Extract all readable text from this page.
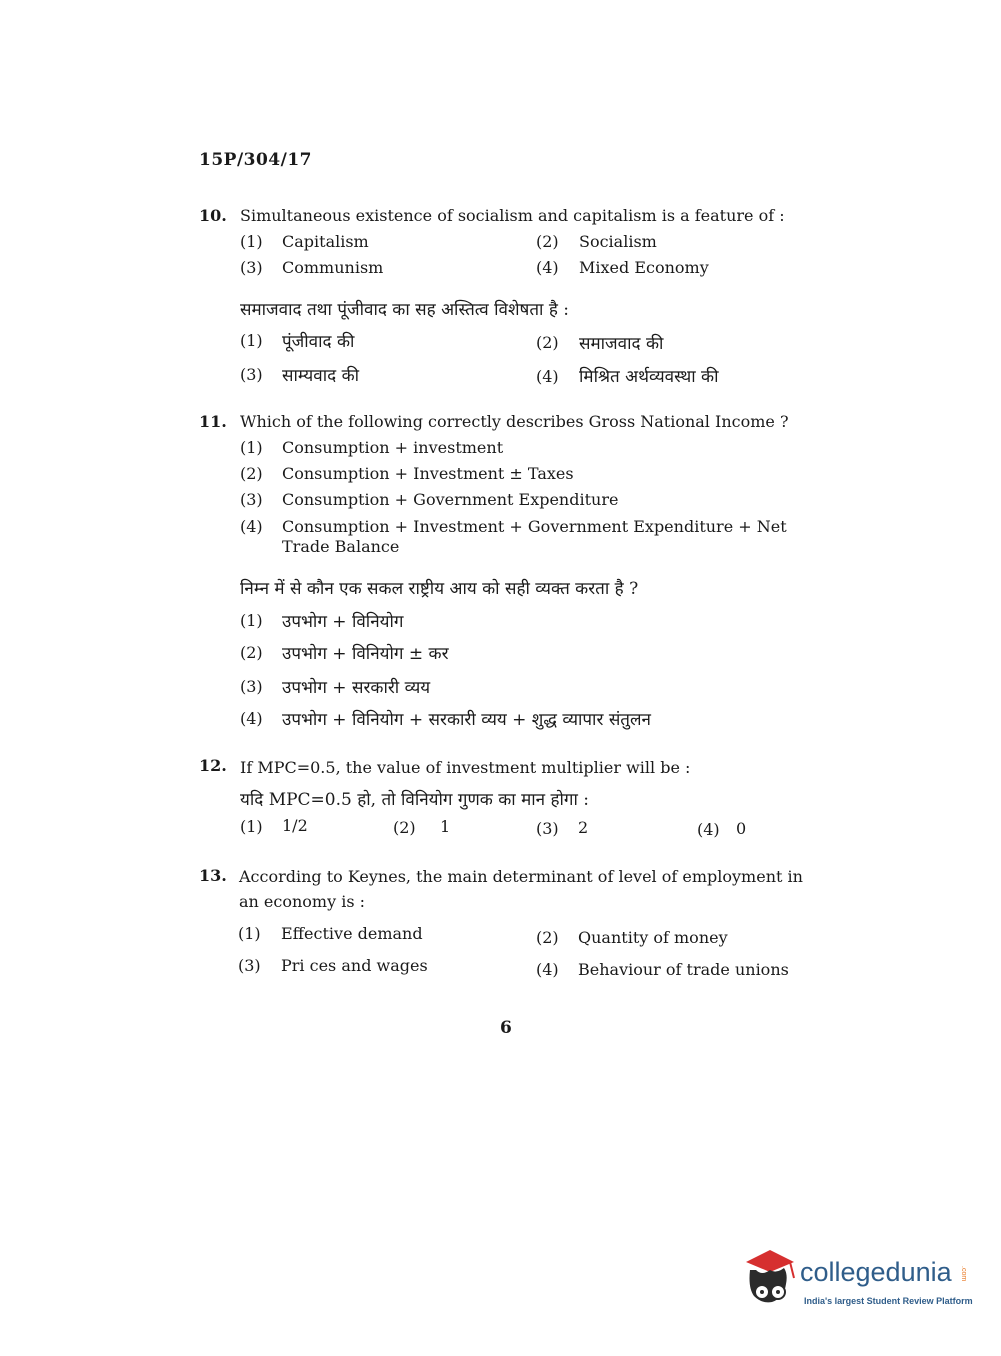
15P/304/17
10. Simultaneous existence of socialism and capitalism is a feature of :
(1) Capitalism	(2) Socialism
(3) Communism	(4) Mixed Economy
समाजवाद तथा पूंजीवाद का सह अस्तित्व विशेषता है :
(1) पूंजीवाद की	(2) समाजवाद की
(3) साम्यवाद की	(4) मिश्रित अर्थव्यवस्था की
11. Which of the following correctly describes Gross National Income ?
(1) Consumption + investment
(2) Consumption + Investment ± Taxes
(3) Consumption + Government Expenditure
(4) Consumption + Investment + Government Expenditure + Net
Trade Balance
निम्न में से कौन एक सकल राष्ट्रीय आय को सही व्यक्त करता है ?
(1) उपभोग + विनियोग
(2) उपभोग + विनियोग ± कर
(3) उपभोग + सरकारी व्यय
(4) उपभोग + विनियोग + सरकारी व्यय + शुद्ध व्यापार संतुलन
12. If MPC=0.5, the value of investment multiplier will be :
यदि MPC=0.5 हो, तो विनियोग गुणक का मान होगा :
(1) 1/2	(2) 1	(3) 2	(4) 0
13. According to Keynes, the main determinant of level of employment in
an economy is :
(1) Effective demand	(2) Quantity of money
(3) Pri ces and wages	(4) Behaviour of trade unions
6
collegedunia .com
India's largest Student Review Platform
